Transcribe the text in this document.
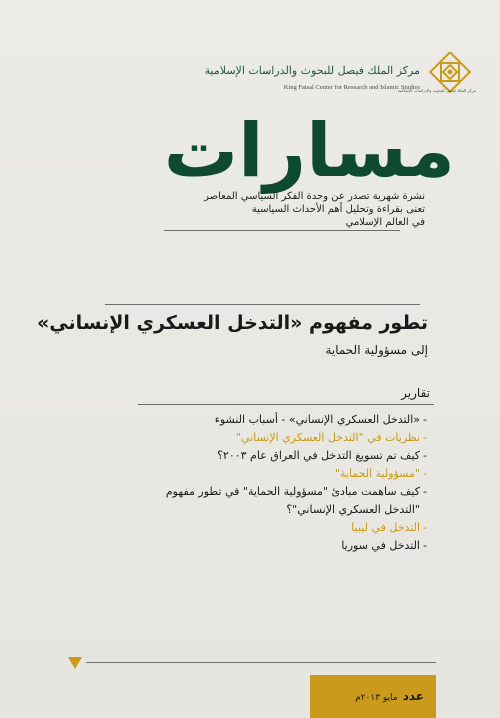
مركز الملك فيصل للبحوث والدراسات الإسلامية
مركز الملك فيصل للبحوث والدراسات الإسلامية
King Faisal Center for Research and Islamic Studies
مسارات
نشرة شهرية تصدر عن وحدة الفكر السياسي المعاصر
تعنى بقراءة وتحليل أهم الأحداث السياسية
في العالم الإسلامي
تطور مفهوم «التدخل العسكري الإنساني»
إلى مسؤولية الحماية
تقارير
-«التدخل العسكري الإنساني» - أسباب النشوء
-نظريات في "التدخل العسكري الإنساني"
-كيف تم تسويغ التدخل في العراق عام ٢٠٠٣؟
-"مسؤولية الحماية"
-كيف ساهمت مبادئ "مسؤولية الحماية" في تطور مفهوم
"التدخل العسكري الإنساني"؟
-التدخل في ليبيا
-التدخل في سوريا
عدد مايو ٢٠١٣م
